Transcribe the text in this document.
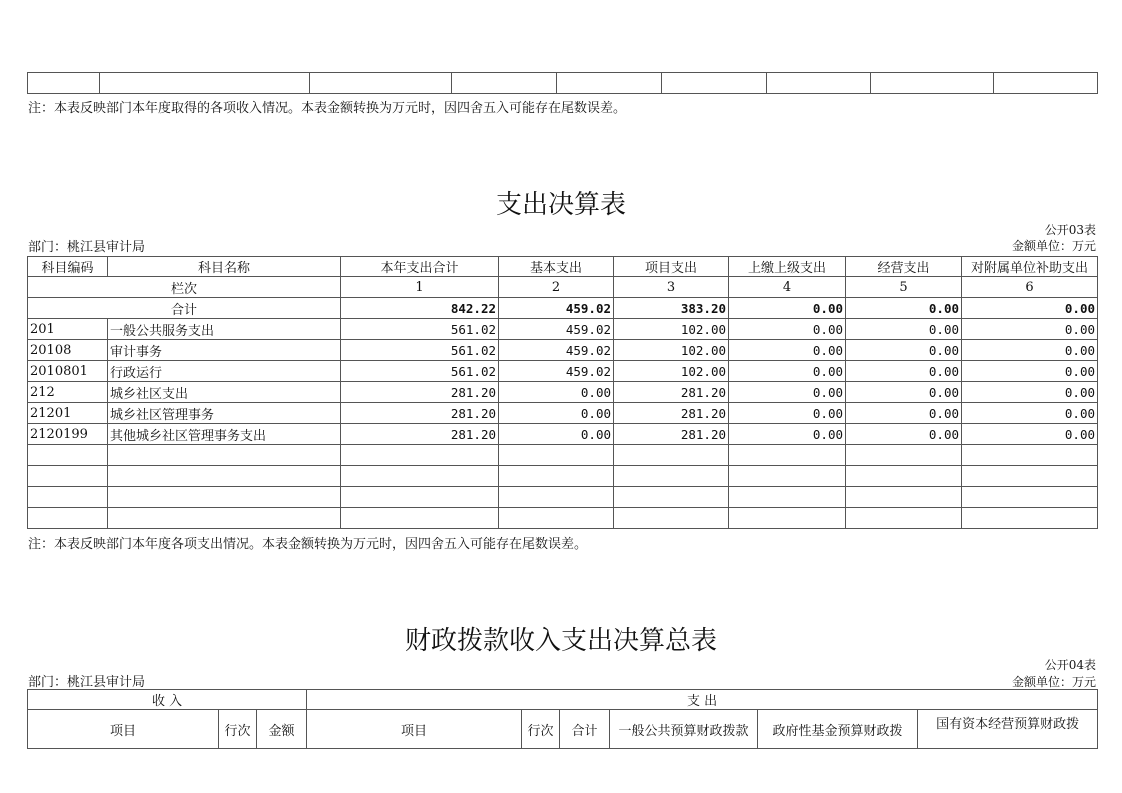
注：本表反映部门本年度取得的各项收入情况。本表金额转换为万元时，因四舍五入可能存在尾数误差。
支出决算表
公开03表
部门：桃江县审计局	金额单位：万元
科目编码	科目名称	本年支出合计	基本支出	项目支出	上缴上级支出	经营支出	对附属单位补助支出
栏次		1	2	3	4	5	6
合计		842.22	459.02	383.20	0.00	0.00	0.00
201	一般公共服务支出	561.02	459.02	102.00	0.00	0.00	0.00
20108	审计事务	561.02	459.02	102.00	0.00	0.00	0.00
2010801	行政运行	561.02	459.02	102.00	0.00	0.00	0.00
212	城乡社区支出	281.20	0.00	281.20	0.00	0.00	0.00
21201	城乡社区管理事务	281.20	0.00	281.20	0.00	0.00	0.00
2120199	其他城乡社区管理事务支出	281.20	0.00	281.20	0.00	0.00	0.00

注：本表反映部门本年度各项支出情况。本表金额转换为万元时，因四舍五入可能存在尾数误差。
财政拨款收入支出决算总表
公开04表
部门：桃江县审计局	金额单位：万元
收 入			支 出					
项目	行次	金额	项目	行次	合计	一般公共预算财政拨款	政府性基金预算财政拨	国有资本经营预算财政拨
